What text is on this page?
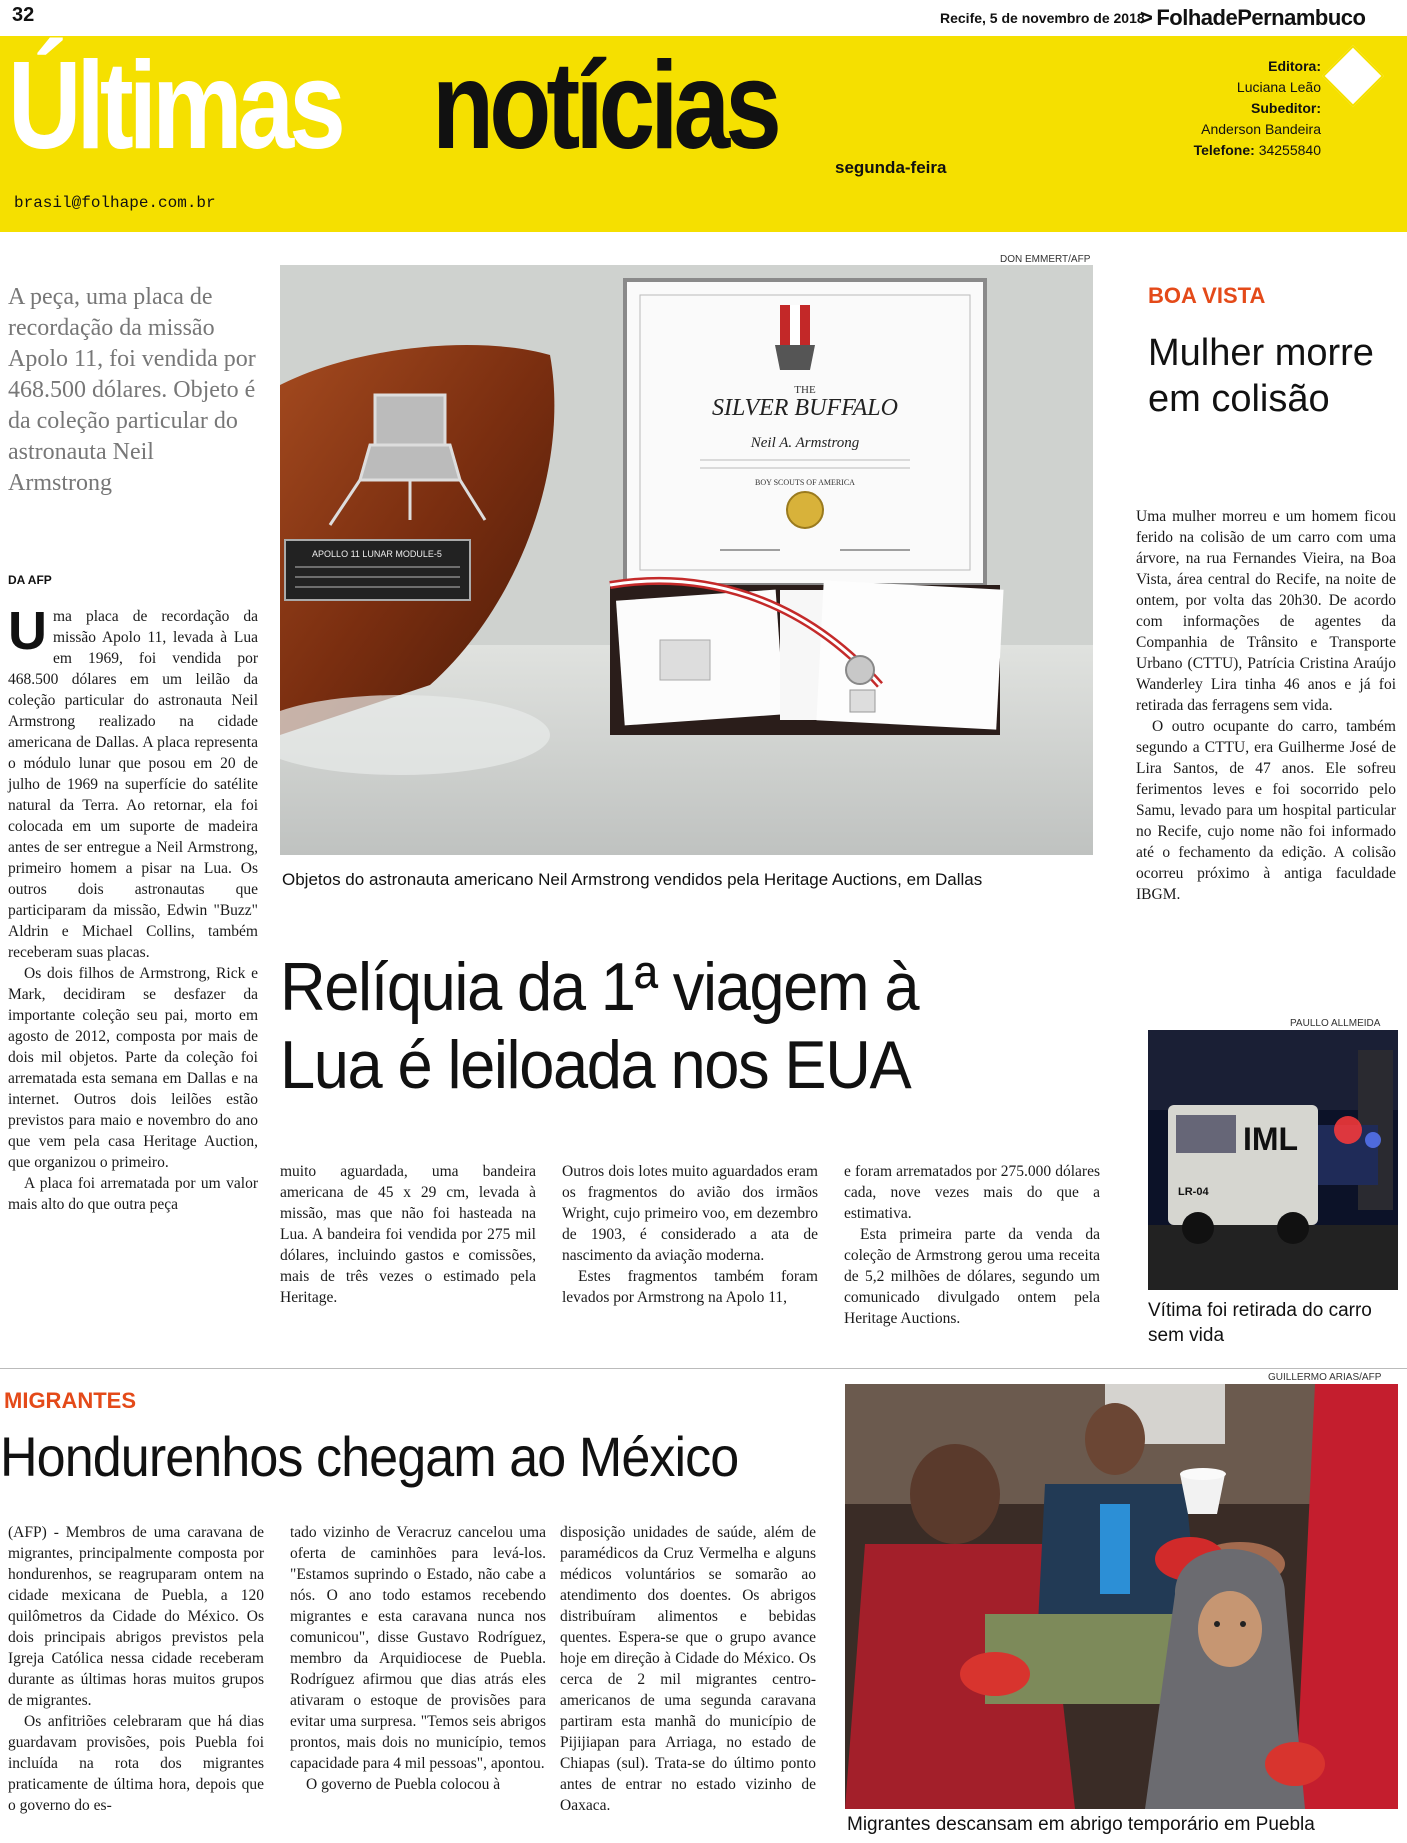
32	Recife, 5 de novembro de 2018
> FolhadePernambuco
Últimas notícias	segunda-feira
brasil@folhape.com.br
Editora:
Luciana Leão
Subeditor:
Anderson Bandeira
Telefone: 34255840
A peça, uma placa de recordação da missão Apolo 11, foi vendida por 468.500 dólares. Objeto é da coleção particular do astronauta Neil Armstrong
DA AFP

Uma placa de recordação da missão Apolo 11, levada à Lua em 1969, foi vendida por 468.500 dólares em um leilão da coleção particular do astronauta Neil Armstrong realizado na cidade americana de Dallas. A placa representa o módulo lunar que posou em 20 de julho de 1969 na superfície do satélite natural da Terra. Ao retornar, ela foi colocada em um suporte de madeira antes de ser entregue a Neil Armstrong, primeiro homem a pisar na Lua. Os outros dois astronautas que participaram da missão, Edwin "Buzz" Aldrin e Michael Collins, também receberam suas placas.

Os dois filhos de Armstrong, Rick e Mark, decidiram se desfazer da importante coleção seu pai, morto em agosto de 2012, composta por mais de dois mil objetos. Parte da coleção foi arrematada esta semana em Dallas e na internet. Outros dois leilões estão previstos para maio e novembro do ano que vem pela casa Heritage Auction, que organizou o primeiro.

A placa foi arrematada por um valor mais alto do que outra peça

DON EMMERT/AFP
APOLLO 11 LUNAR MODULE-5
THE
SILVER BUFFALO
Neil A. Armstrong
BOY SCOUTS OF AMERICA
Objetos do astronauta americano Neil Armstrong vendidos pela Heritage Auctions, em Dallas
Relíquia da 1ª viagem à
Lua é leiloada nos EUA

muito aguardada, uma bandeira americana de 45 x 29 cm, levada à missão, mas que não foi hasteada na Lua. A bandeira foi vendida por 275 mil dólares, incluindo gastos e comissões, mais de três vezes o estimado pela Heritage.

Outros dois lotes muito aguardados eram os fragmentos do avião dos irmãos Wright, cujo primeiro voo, em dezembro de 1903, é considerado a ata de nascimento da aviação moderna.

Estes fragmentos também foram levados por Armstrong na Apolo 11,

e foram arrematados por 275.000 dólares cada, nove vezes mais do que a estimativa.

Esta primeira parte da venda da coleção de Armstrong gerou uma receita de 5,2 milhões de dólares, segundo um comunicado divulgado ontem pela Heritage Auctions.

BOA VISTA
Mulher morre em colisão

Uma mulher morreu e um homem ficou ferido na colisão de um carro com uma árvore, na rua Fernandes Vieira, na Boa Vista, área central do Recife, na noite de ontem, por volta das 20h30. De acordo com informações de agentes da Companhia de Trânsito e Transporte Urbano (CTTU), Patrícia Cristina Araújo Wanderley Lira tinha 46 anos e já foi retirada das ferragens sem vida.

O outro ocupante do carro, também segundo a CTTU, era Guilherme José de Lira Santos, de 47 anos. Ele sofreu ferimentos leves e foi socorrido pelo Samu, levado para um hospital particular no Recife, cujo nome não foi informado até o fechamento da edição. A colisão ocorreu próximo à antiga faculdade IBGM.

PAULLO ALLMEIDA
IML
LR-04
Vítima foi retirada do carro sem vida
MIGRANTES
Hondurenhos chegam ao México

(AFP) - Membros de uma caravana de migrantes, principalmente composta por hondurenhos, se reagruparam ontem na cidade mexicana de Puebla, a 120 quilômetros da Cidade do México. Os dois principais abrigos previstos pela Igreja Católica nessa cidade receberam durante as últimas horas muitos grupos de migrantes.

Os anfitriões celebraram que há dias guardavam provisões, pois Puebla foi incluída na rota dos migrantes praticamente de última hora, depois que o governo do es-

tado vizinho de Veracruz cancelou uma oferta de caminhões para levá-los. "Estamos suprindo o Estado, não cabe a nós. O ano todo estamos recebendo migrantes e esta caravana nunca nos comunicou", disse Gustavo Rodríguez, membro da Arquidiocese de Puebla. Rodríguez afirmou que dias atrás eles ativaram o estoque de provisões para evitar uma surpresa. "Temos seis abrigos prontos, mais dois no município, temos capacidade para 4 mil pessoas", apontou.

O governo de Puebla colocou à

disposição unidades de saúde, além de paramédicos da Cruz Vermelha e alguns médicos voluntários se somarão ao atendimento dos doentes. Os abrigos distribuíram alimentos e bebidas quentes. Espera-se que o grupo avance hoje em direção à Cidade do México. Os cerca de 2 mil migrantes centro-americanos de uma segunda caravana partiram esta manhã do município de Pijijiapan para Arriaga, no estado de Chiapas (sul). Trata-se do último ponto antes de entrar no estado vizinho de Oaxaca.

GUILLERMO ARIAS/AFP
Migrantes descansam em abrigo temporário em Puebla
